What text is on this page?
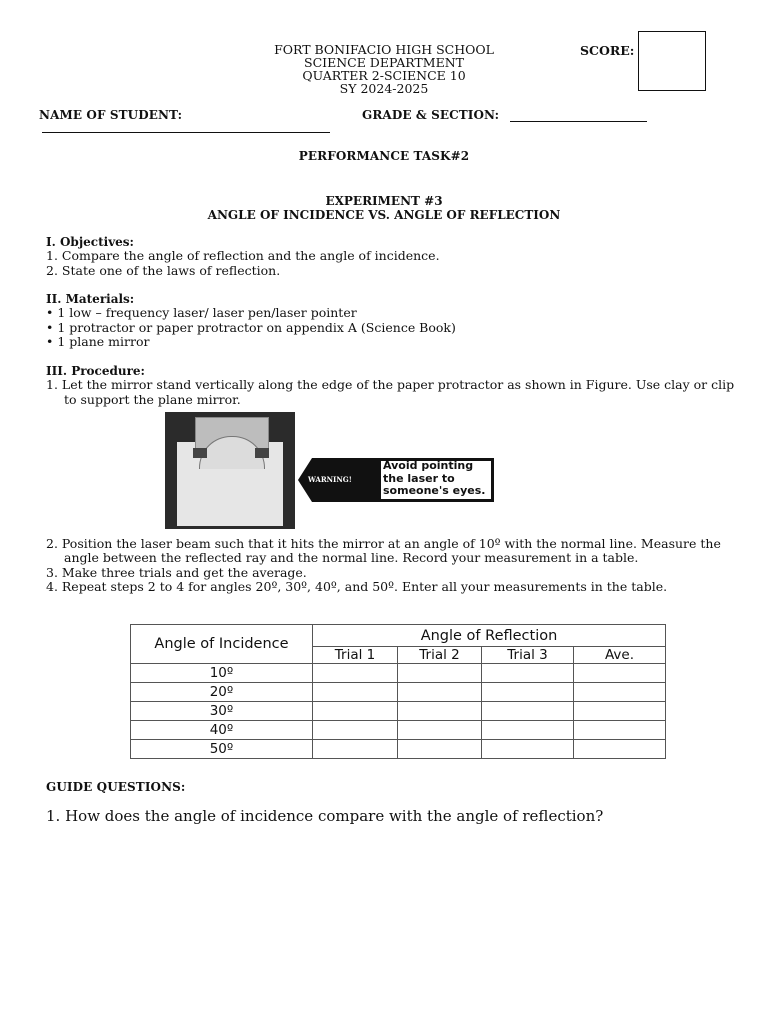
FORT BONIFACIO HIGH SCHOOL
SCIENCE DEPARTMENT
QUARTER 2-SCIENCE 10
SY 2024-2025
SCORE:
NAME OF STUDENT:	GRADE & SECTION:
PERFORMANCE TASK#2
EXPERIMENT #3
ANGLE OF INCIDENCE VS. ANGLE OF REFLECTION
I. Objectives:
1. Compare the angle of reflection and the angle of incidence.
2. State one of the laws of reflection.
II. Materials:
• 1 low – frequency laser/ laser pen/laser pointer
• 1 protractor or paper protractor on appendix A (Science Book)
• 1 plane mirror
III. Procedure:
1. Let the mirror stand vertically along the edge of the paper protractor as shown in Figure. Use clay or clip to support the plane mirror.
WARNING!
Avoid pointing
the laser to
someone's eyes.
2. Position the laser beam such that it hits the mirror at an angle of 10º with the normal line. Measure the angle between the reflected ray and the normal line. Record your measurement in a table.
3. Make three trials and get the average.
4. Repeat steps 2 to 4 for angles 20º, 30º, 40º, and 50º. Enter all your measurements in the table.
Angle of Incidence	Angle of Reflection			
	Trial 1	Trial 2	Trial 3	Ave.
10º				
20º				
30º				
40º				
50º				
GUIDE QUESTIONS:
1. How does the angle of incidence compare with the angle of reflection?
